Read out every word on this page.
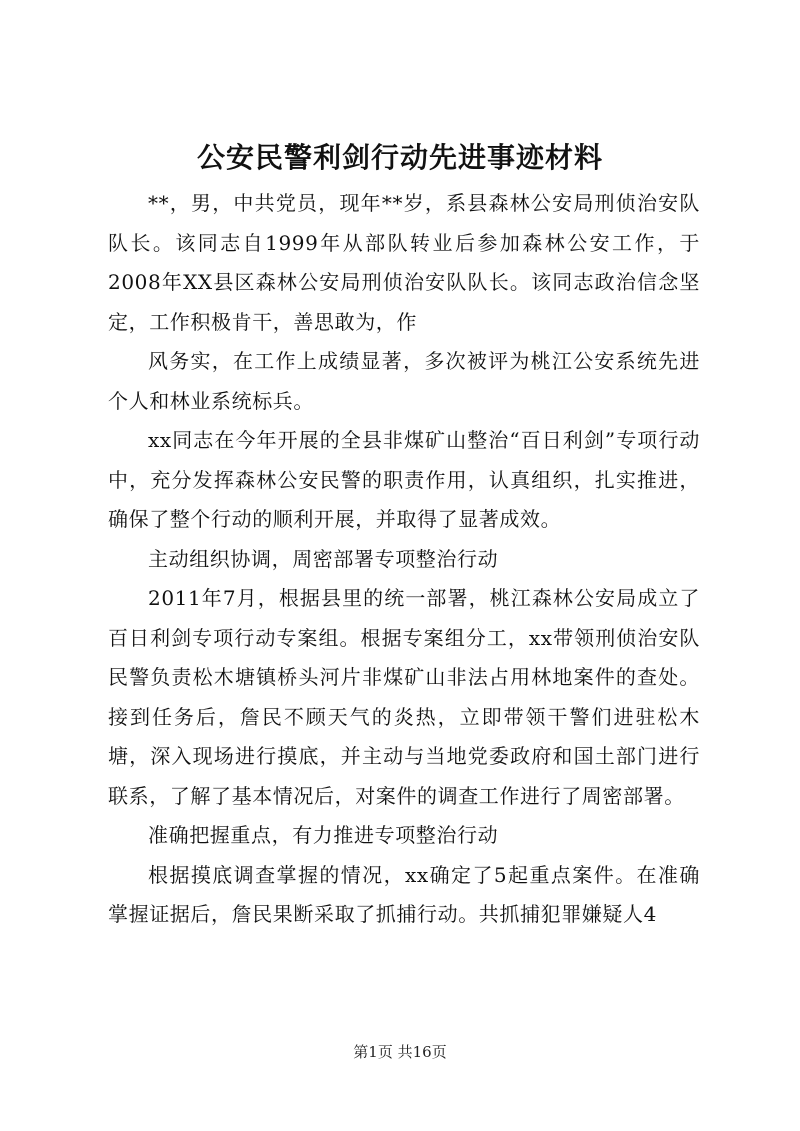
公安民警利剑行动先进事迹材料

**，男，中共党员，现年**岁，系县森林公安局刑侦治安队队长。该同志自1999年从部队转业后参加森林公安工作，于2008年XX县区森林公安局刑侦治安队队长。该同志政治信念坚定，工作积极肯干，善思敢为，作

风务实，在工作上成绩显著，多次被评为桃江公安系统先进个人和林业系统标兵。

xx同志在今年开展的全县非煤矿山整治“百日利剑”专项行动中，充分发挥森林公安民警的职责作用，认真组织，扎实推进，确保了整个行动的顺利开展，并取得了显著成效。

主动组织协调，周密部署专项整治行动

2011年7月，根据县里的统一部署，桃江森林公安局成立了百日利剑专项行动专案组。根据专案组分工，xx带领刑侦治安队民警负责松木塘镇桥头河片非煤矿山非法占用林地案件的查处。接到任务后，詹民不顾天气的炎热，立即带领干警们进驻松木塘，深入现场进行摸底，并主动与当地党委政府和国土部门进行联系，了解了基本情况后，对案件的调查工作进行了周密部署。

准确把握重点，有力推进专项整治行动

根据摸底调查掌握的情况，xx确定了5起重点案件。在准确掌握证据后，詹民果断采取了抓捕行动。共抓捕犯罪嫌疑人4

第1页 共16页
